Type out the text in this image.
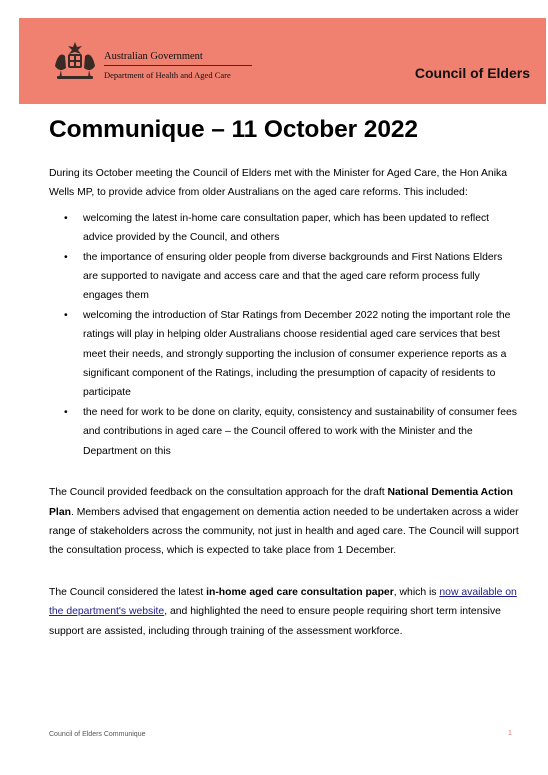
Australian Government
Department of Health and Aged Care	Council of Elders
Communique – 11 October 2022

During its October meeting the Council of Elders met with the Minister for Aged Care, the Hon Anika Wells MP, to provide advice from older Australians on the aged care reforms. This included:

• welcoming the latest in-home care consultation paper, which has been updated to reflect advice provided by the Council, and others
• the importance of ensuring older people from diverse backgrounds and First Nations Elders are supported to navigate and access care and that the aged care reform process fully engages them
• welcoming the introduction of Star Ratings from December 2022 noting the important role the ratings will play in helping older Australians choose residential aged care services that best meet their needs, and strongly supporting the inclusion of consumer experience reports as a significant component of the Ratings, including the presumption of capacity of residents to participate
• the need for work to be done on clarity, equity, consistency and sustainability of consumer fees and contributions in aged care – the Council offered to work with the Minister and the Department on this

The Council provided feedback on the consultation approach for the draft National Dementia Action Plan. Members advised that engagement on dementia action needed to be undertaken across a wider range of stakeholders across the community, not just in health and aged care. The Council will support the consultation process, which is expected to take place from 1 December.

The Council considered the latest in-home aged care consultation paper, which is now available on the department's website, and highlighted the need to ensure people requiring short term intensive support are assisted, including through training of the assessment workforce.

Council of Elders Communique	1
